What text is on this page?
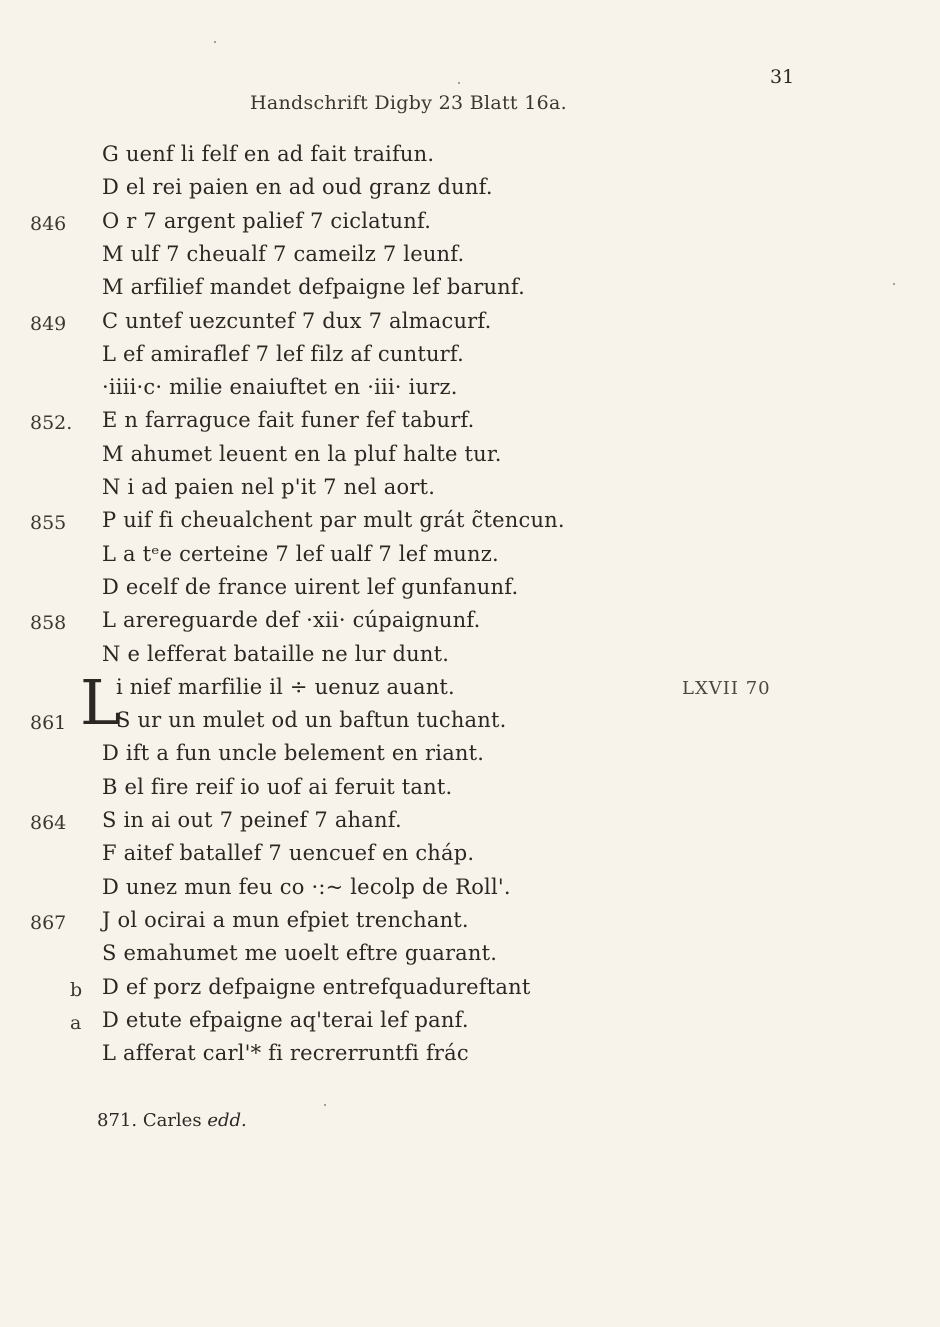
31
Handschrift Digby 23 Blatt 16a.
G uenf li felf en ad fait traifun.
D el rei paien en ad oud granz dunf.
846 O r 7 argent palief 7 ciclatunf.
M ulf 7 cheualf 7 cameilz 7 leunf.
M arfiliеf mandet defpaigne lef barunf.
849 C untef uezcuntef 7 dux 7 almacurf.
L ef amiraflef 7 lef filz af cunturf.
·iiii·c· milie enaiuftet en ·iii· iurz.
852. E n farraguce fait funer fef taburf.
M ahumet leuent en la pluf halte tur.
N i ad paien nel p'it 7 nel aort.
855 P uif fi cheualchent par mult grát c̃tencun.
L a tᵉe certeine 7 lef ualf 7 lef munz.
D ecelf de france uirent lef gunfanunf.
858 L arereguarde def ·xii· cúpaignunf.
N e lefferat bataille ne lur dunt.
i nief marfilie il ÷ uenuz auant.
861 S ur un mulet od un baftun tuchant.
D ift a fun uncle belement en riant.
B el fire reif io uof ai feruit tant.
864 S in ai out 7 peinef 7 ahanf.
F aitef batallef 7 uencuef en cháp.
D unez mun feu co ·:~ lecolp de Roll'.
867 J ol ocirai a mun efpiet trenchant.
S emahumet me uoelt eftre guarant.
b D ef porz defpaigne entrefquadureftant
a D etute efpaigne aq'terai lef panf.
L afferat carl'* fi recrerruntfi frác
L	LXVII 70
871. Carles edd.
